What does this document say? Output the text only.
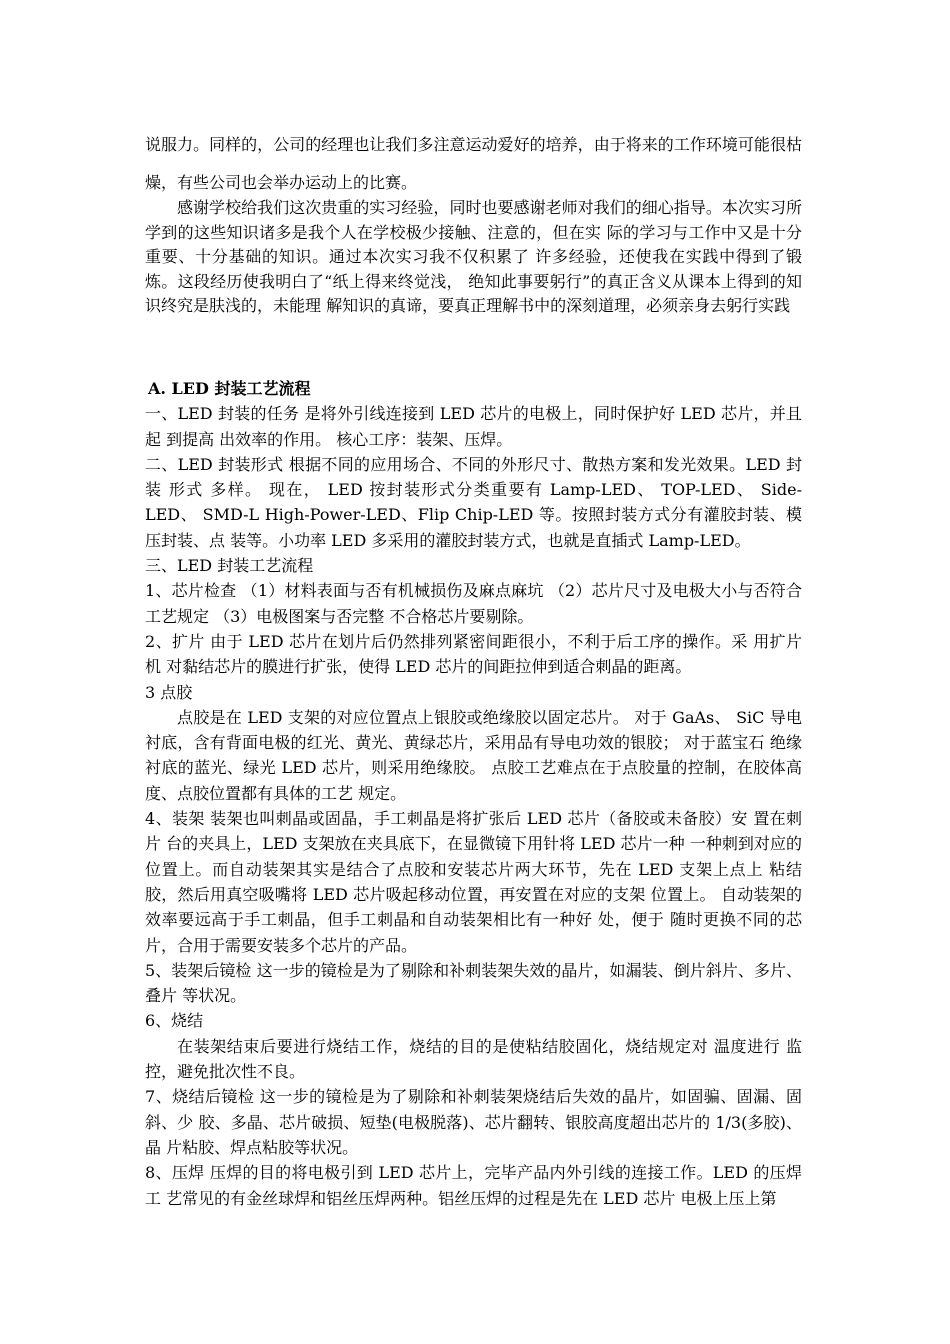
说服力。同样的，公司的经理也让我们多注意运动爱好的培养，由于将来的工作环境可能很枯燥，有些公司也会举办运动上的比赛。

感谢学校给我们这次贵重的实习经验，同时也要感谢老师对我们的细心指导。本次实习所学到的这些知识诸多是我个人在学校极少接触、注意的，但在实 际的学习与工作中又是十分重要、十分基础的知识。通过本次实习我不仅积累了 许多经验，还使我在实践中得到了锻炼。这段经历使我明白了“纸上得来终觉浅， 绝知此事要躬行”的真正含义从课本上得到的知识终究是肤浅的，未能理 解知识的真谛，要真正理解书中的深刻道理，必须亲身去躬行实践

A. LED 封装工艺流程

一、LED 封装的任务 是将外引线连接到 LED 芯片的电极上，同时保护好 LED 芯片，并且起 到提高 出效率的作用。 核心工序：装架、压焊。

二、LED 封装形式 根据不同的应用场合、不同的外形尺寸、散热方案和发光效果。LED 封装 形式 多样。 现在， LED 按封装形式分类重要有 Lamp-LED、 TOP-LED、 Side-LED、 SMD-L High-Power-LED、Flip Chip-LED 等。按照封装方式分有灌胶封装、模压封装、点 装等。小功率 LED 多采用的灌胶封装方式，也就是直插式 Lamp-LED。

三、LED 封装工艺流程

1、芯片检查 （1）材料表面与否有机械损伤及麻点麻坑 （2）芯片尺寸及电极大小与否符合工艺规定 （3）电极图案与否完整 不合格芯片要剔除。

2、扩片 由于 LED 芯片在划片后仍然排列紧密间距很小，不利于后工序的操作。采 用扩片机 对黏结芯片的膜进行扩张，使得 LED 芯片的间距拉伸到适合刺晶的距离。

3 点胶

点胶是在 LED 支架的对应位置点上银胶或绝缘胶以固定芯片。 对于 GaAs、 SiC 导电衬底，含有背面电极的红光、黄光、黄绿芯片，采用品有导电功效的银胶； 对于蓝宝石 绝缘衬底的蓝光、绿光 LED 芯片，则采用绝缘胶。 点胶工艺难点在于点胶量的控制，在胶体高度、点胶位置都有具体的工艺 规定。

4、装架 装架也叫刺晶或固晶，手工刺晶是将扩张后 LED 芯片（备胶或未备胶）安 置在刺片 台的夹具上，LED 支架放在夹具底下，在显微镜下用针将 LED 芯片一种 一种刺到对应的位置上。而自动装架其实是结合了点胶和安装芯片两大环节，先在 LED 支架上点上 粘结胶，然后用真空吸嘴将 LED 芯片吸起移动位置，再安置在对应的支架 位置上。 自动装架的效率要远高于手工刺晶，但手工刺晶和自动装架相比有一种好 处，便于 随时更换不同的芯片，合用于需要安装多个芯片的产品。

5、装架后镜检 这一步的镜检是为了剔除和补刺装架失效的晶片，如漏装、倒片斜片、多片、叠片 等状况。

6、烧结

在装架结束后要进行烧结工作，烧结的目的是使粘结胶固化，烧结规定对 温度进行 监控，避免批次性不良。

7、烧结后镜检 这一步的镜检是为了剔除和补刺装架烧结后失效的晶片，如固骗、固漏、固斜、少 胶、多晶、芯片破损、短垫(电极脱落)、芯片翻转、银胶高度超出芯片的 1/3(多胶)、晶 片粘胶、焊点粘胶等状况。

8、压焊 压焊的目的将电极引到 LED 芯片上，完毕产品内外引线的连接工作。LED 的压焊工 艺常见的有金丝球焊和铝丝压焊两种。铝丝压焊的过程是先在 LED 芯片 电极上压上第
